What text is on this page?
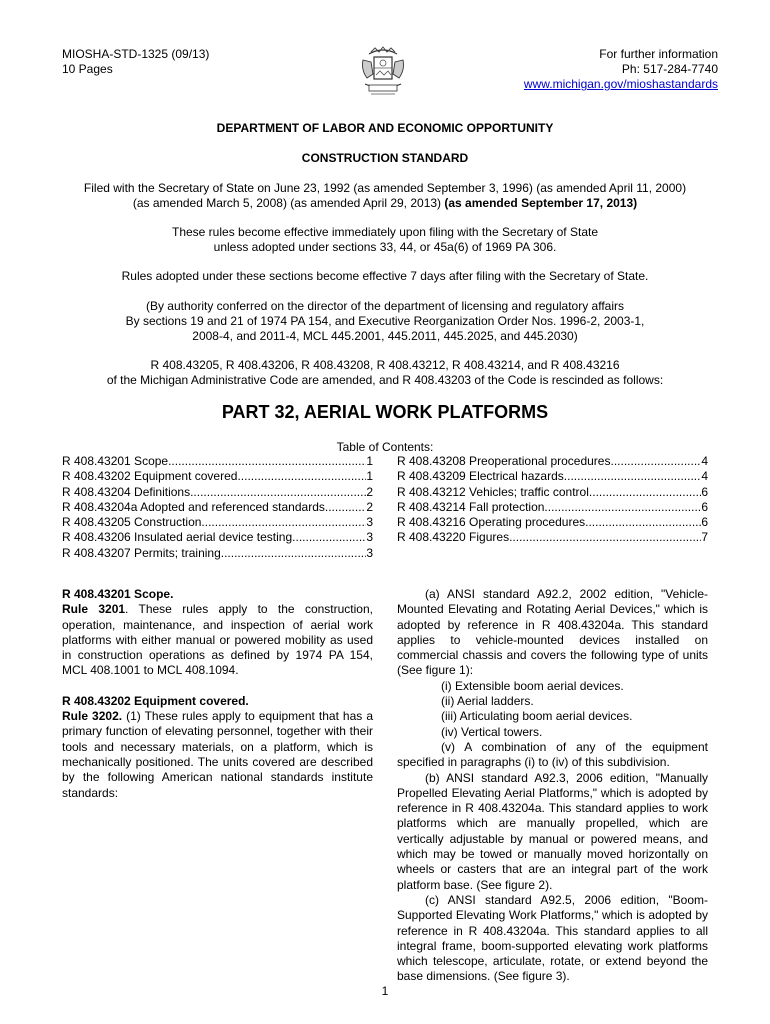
MIOSHA-STD-1325 (09/13)
10 Pages
For further information
Ph: 517-284-7740
www.michigan.gov/mioshastandards
DEPARTMENT OF LABOR AND ECONOMIC OPPORTUNITY
CONSTRUCTION STANDARD
Filed with the Secretary of State on June 23, 1992 (as amended September 3, 1996) (as amended April 11, 2000)
(as amended March 5, 2008) (as amended April 29, 2013) (as amended September 17, 2013)
These rules become effective immediately upon filing with the Secretary of State
unless adopted under sections 33, 44, or 45a(6) of 1969 PA 306.
Rules adopted under these sections become effective 7 days after filing with the Secretary of State.
(By authority conferred on the director of the department of licensing and regulatory affairs
By sections 19 and 21 of 1974 PA 154, and Executive Reorganization Order Nos. 1996-2, 2003-1,
2008-4, and 2011-4, MCL 445.2001, 445.2011, 445.2025, and 445.2030)
R 408.43205, R 408.43206, R 408.43208, R 408.43212, R 408.43214, and R 408.43216
of the Michigan Administrative Code are amended, and R 408.43203 of the Code is rescinded as follows:
PART 32, AERIAL WORK PLATFORMS
Table of Contents:
R 408.43201 Scope. .....	1
R 408.43202 Equipment covered. .....	1
R 408.43204 Definitions. .....	2
R 408.43204a Adopted and referenced standards .....	2
R 408.43205 Construction. .....	3
R 408.43206 Insulated aerial device testing .....	3
R 408.43207 Permits; training. .....	3
R 408.43208 Preoperational procedures. .....	4
R 408.43209 Electrical hazards. .....	4
R 408.43212 Vehicles; traffic control .....	6
R 408.43214 Fall protection. .....	6
R 408.43216 Operating procedures. .....	6
R 408.43220 Figures. .....	7

R 408.43201 Scope.

Rule 3201. These rules apply to the construction, operation, maintenance, and inspection of aerial work platforms with either manual or powered mobility as used in construction operations as defined by 1974 PA 154, MCL 408.1001 to MCL 408.1094.

R 408.43202 Equipment covered.

Rule 3202. (1) These rules apply to equipment that has a primary function of elevating personnel, together with their tools and necessary materials, on a platform, which is mechanically positioned. The units covered are described by the following American national standards institute standards:

(a) ANSI standard A92.2, 2002 edition, "Vehicle-Mounted Elevating and Rotating Aerial Devices," which is adopted by reference in R 408.43204a. This standard applies to vehicle-mounted devices installed on commercial chassis and covers the following type of units (See figure 1):

(i) Extensible boom aerial devices.

(ii) Aerial ladders.

(iii) Articulating boom aerial devices.

(iv) Vertical towers.

(v) A combination of any of the equipment specified in paragraphs (i) to (iv) of this subdivision.

(b) ANSI standard A92.3, 2006 edition, "Manually Propelled Elevating Aerial Platforms," which is adopted by reference in R 408.43204a. This standard applies to work platforms which are manually propelled, which are vertically adjustable by manual or powered means, and which may be towed or manually moved horizontally on wheels or casters that are an integral part of the work platform base. (See figure 2).

(c) ANSI standard A92.5, 2006 edition, "Boom-Supported Elevating Work Platforms," which is adopted by reference in R 408.43204a. This standard applies to all integral frame, boom-supported elevating work platforms which telescope, articulate, rotate, or extend beyond the base dimensions. (See figure 3).

1
